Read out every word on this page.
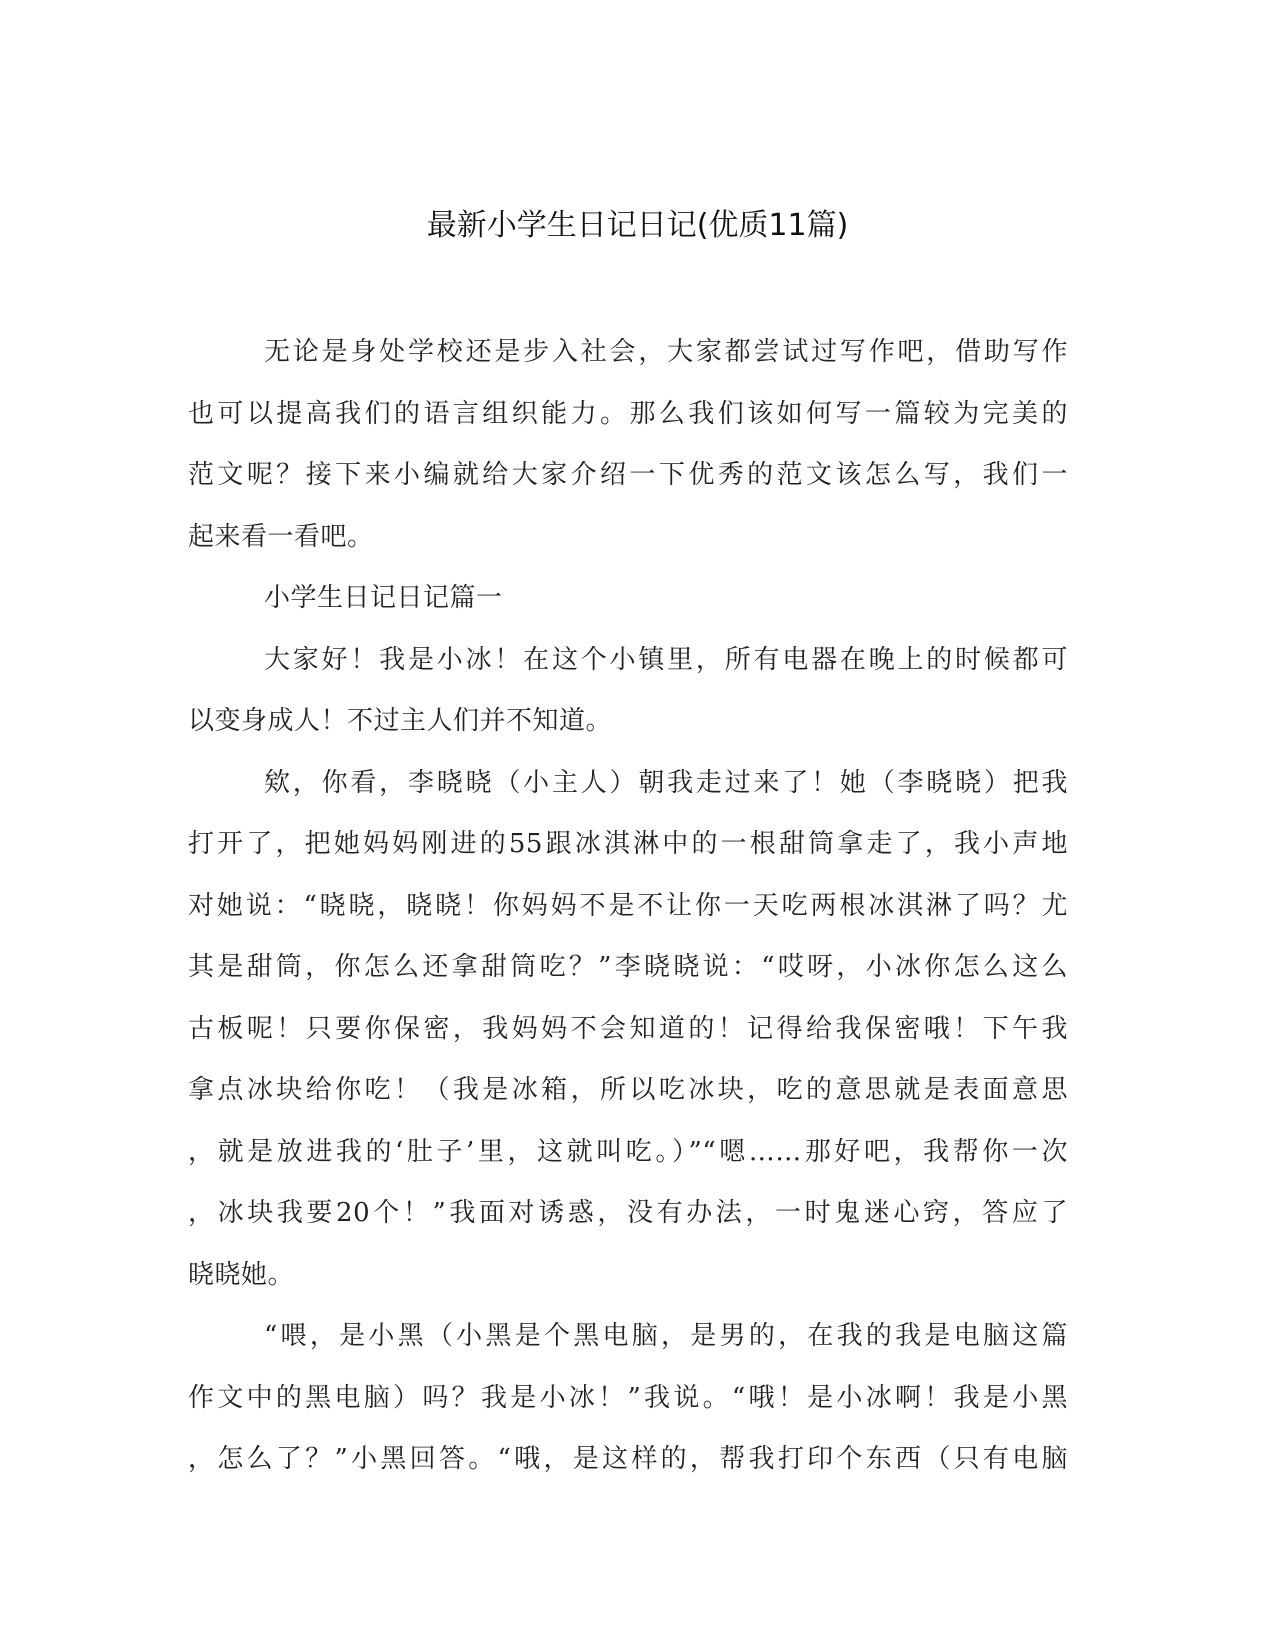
最新小学生日记日记(优质11篇)
无论是身处学校还是步入社会，大家都尝试过写作吧，借助写作
也可以提高我们的语言组织能力。那么我们该如何写一篇较为完美的
范文呢？接下来小编就给大家介绍一下优秀的范文该怎么写，我们一
起来看一看吧。
小学生日记日记篇一
大家好！我是小冰！在这个小镇里，所有电器在晚上的时候都可
以变身成人！不过主人们并不知道。
欸，你看，李晓晓（小主人）朝我走过来了！她（李晓晓）把我
打开了，把她妈妈刚进的55跟冰淇淋中的一根甜筒拿走了，我小声地
对她说：“晓晓，晓晓！你妈妈不是不让你一天吃两根冰淇淋了吗？尤
其是甜筒，你怎么还拿甜筒吃？”李晓晓说：“哎呀，小冰你怎么这么
古板呢！只要你保密，我妈妈不会知道的！记得给我保密哦！下午我
拿点冰块给你吃！（我是冰箱，所以吃冰块，吃的意思就是表面意思
，就是放进我的‘肚子’里，这就叫吃。）”“嗯……那好吧，我帮你一次
，冰块我要20个！”我面对诱惑，没有办法，一时鬼迷心窍，答应了
晓晓她。
“喂，是小黑（小黑是个黑电脑，是男的，在我的我是电脑这篇
作文中的黑电脑）吗？我是小冰！”我说。“哦！是小冰啊！我是小黑
，怎么了？”小黑回答。“哦，是这样的，帮我打印个东西（只有电脑
